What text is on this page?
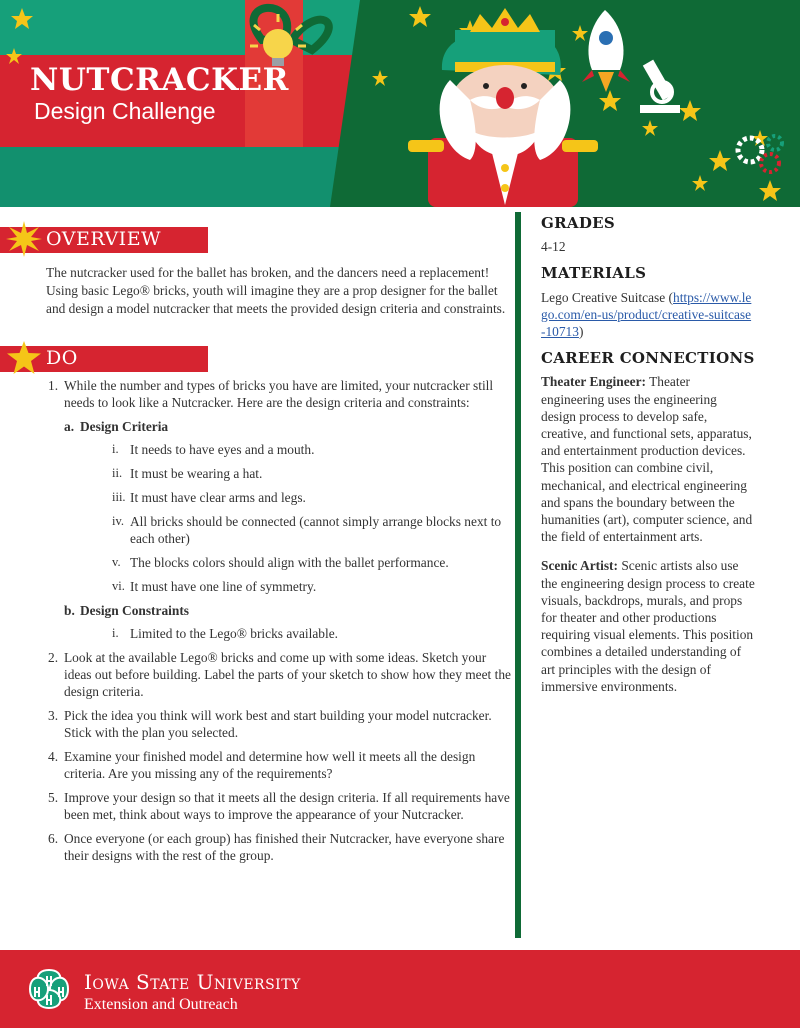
NUTCRACKER
Design Challenge
OVERVIEW

The nutcracker used for the ballet has broken, and the dancers need a replacement! Using basic Lego® bricks, youth will imagine they are a prop designer for the ballet and design a model nutcracker that meets the provided design criteria and constraints.

DO
1. While the number and types of bricks you have are limited, your nutcracker still needs to look like a Nutcracker. Here are the design criteria and constraints:
a. Design Criteria
i. It needs to have eyes and a mouth.
ii. It must be wearing a hat.
iii. It must have clear arms and legs.
iv. All bricks should be connected (cannot simply arrange blocks next to each other)
v. The blocks colors should align with the ballet performance.
vi. It must have one line of symmetry.
b. Design Constraints
i. Limited to the Lego® bricks available.
2. Look at the available Lego® bricks and come up with some ideas. Sketch your ideas out before building. Label the parts of your sketch to show how they meet the design criteria.
3. Pick the idea you think will work best and start building your model nutcracker. Stick with the plan you selected.
4. Examine your finished model and determine how well it meets all the design criteria. Are you missing any of the requirements?
5. Improve your design so that it meets all the design criteria. If all requirements have been met, think about ways to improve the appearance of your Nutcracker.
6. Once everyone (or each group) has finished their Nutcracker, have everyone share their designs with the rest of the group.
GRADES
4-12
MATERIALS
Lego Creative Suitcase (https://www.lego.com/en-us/product/creative-suitcase-10713)
CAREER CONNECTIONS

Theater Engineer: Theater engineering uses the engineering design process to develop safe, creative, and functional sets, apparatus, and entertainment production devices. This position can combine civil, mechanical, and electrical engineering and spans the boundary between the humanities (art), computer science, and the field of entertainment arts.

Scenic Artist: Scenic artists also use the engineering design process to create visuals, backdrops, murals, and props for theater and other productions requiring visual elements. This position combines a detailed understanding of art principles with the design of immersive environments.

Iowa State University
Extension and Outreach
